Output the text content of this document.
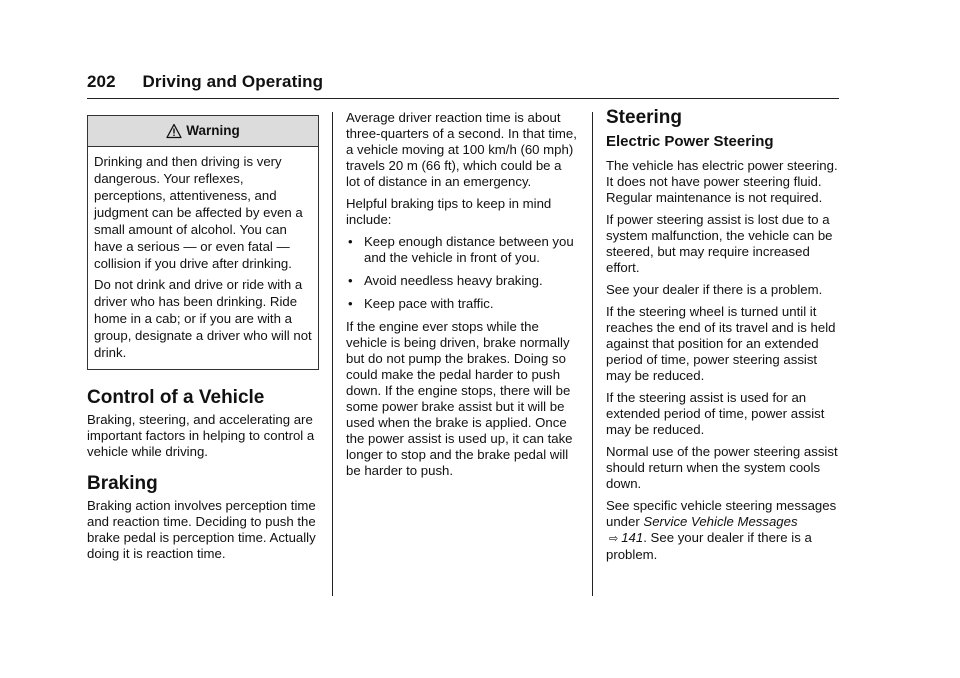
202 Driving and Operating
Warning

Drinking and then driving is very dangerous. Your reflexes, perceptions, attentiveness, and judgment can be affected by even a small amount of alcohol. You can have a serious — or even fatal — collision if you drive after drinking.

Do not drink and drive or ride with a driver who has been drinking. Ride home in a cab; or if you are with a group, designate a driver who will not drink.

Control of a Vehicle

Braking, steering, and accelerating are important factors in helping to control a vehicle while driving.

Braking

Braking action involves perception time and reaction time. Deciding to push the brake pedal is perception time. Actually doing it is reaction time.

Average driver reaction time is about three-quarters of a second. In that time, a vehicle moving at 100 km/h (60 mph) travels 20 m (66 ft), which could be a lot of distance in an emergency.

Helpful braking tips to keep in mind include:

• Keep enough distance between you and the vehicle in front of you.
• Avoid needless heavy braking.
• Keep pace with traffic.

If the engine ever stops while the vehicle is being driven, brake normally but do not pump the brakes. Doing so could make the pedal harder to push down. If the engine stops, there will be some power brake assist but it will be used when the brake is applied. Once the power assist is used up, it can take longer to stop and the brake pedal will be harder to push.

Steering
Electric Power Steering

The vehicle has electric power steering. It does not have power steering fluid. Regular maintenance is not required.

If power steering assist is lost due to a system malfunction, the vehicle can be steered, but may require increased effort.

See your dealer if there is a problem.

If the steering wheel is turned until it reaches the end of its travel and is held against that position for an extended period of time, power steering assist may be reduced.

If the steering assist is used for an extended period of time, power assist may be reduced.

Normal use of the power steering assist should return when the system cools down.

See specific vehicle steering messages under Service Vehicle Messages ⇨ 141. See your dealer if there is a problem.
